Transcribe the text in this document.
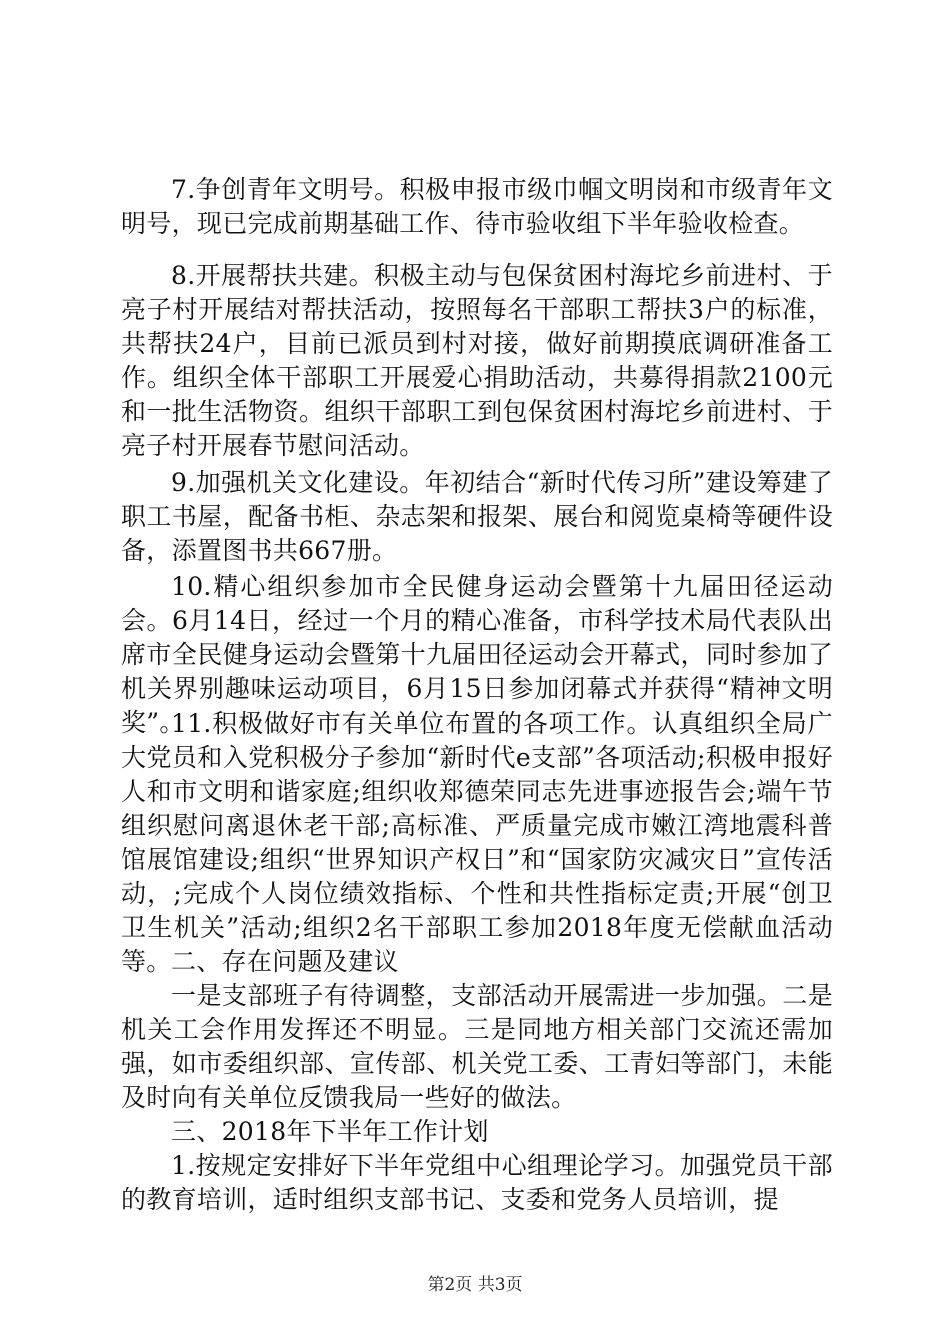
7.争创青年文明号。积极申报市级巾帼文明岗和市级青年文明号，现已完成前期基础工作、待市验收组下半年验收检查。

8.开展帮扶共建。积极主动与包保贫困村海坨乡前进村、于亮子村开展结对帮扶活动，按照每名干部职工帮扶3户的标准，共帮扶24户，目前已派员到村对接，做好前期摸底调研准备工作。组织全体干部职工开展爱心捐助活动，共募得捐款2100元和一批生活物资。组织干部职工到包保贫困村海坨乡前进村、于亮子村开展春节慰问活动。

9.加强机关文化建设。年初结合“新时代传习所”建设筹建了职工书屋，配备书柜、杂志架和报架、展台和阅览桌椅等硬件设备，添置图书共667册。

10.精心组织参加市全民健身运动会暨第十九届田径运动会。6月14日，经过一个月的精心准备，市科学技术局代表队出席市全民健身运动会暨第十九届田径运动会开幕式，同时参加了机关界别趣味运动项目，6月15日参加闭幕式并获得“精神文明奖”。

11.积极做好市有关单位布置的各项工作。认真组织全局广大党员和入党积极分子参加“新时代e支部”各项活动;积极申报好人和市文明和谐家庭;组织收郑德荣同志先进事迹报告会;端午节组织慰问离退休老干部;高标准、严质量完成市嫩江湾地震科普馆展馆建设;组织“世界知识产权日”和“国家防灾减灾日”宣传活动，;完成个人岗位绩效指标、个性和共性指标定责;开展“创卫卫生机关”活动;组织2名干部职工参加2018年度无偿献血活动等。 二、存在问题及建议

一是支部班子有待调整，支部活动开展需进一步加强。二是机关工会作用发挥还不明显。三是同地方相关部门交流还需加强，如市委组织部、宣传部、机关党工委、工青妇等部门，未能及时向有关单位反馈我局一些好的做法。

三、2018年下半年工作计划

1.按规定安排好下半年党组中心组理论学习。加强党员干部的教育培训，适时组织支部书记、支委和党务人员培训，提

第2页 共3页
